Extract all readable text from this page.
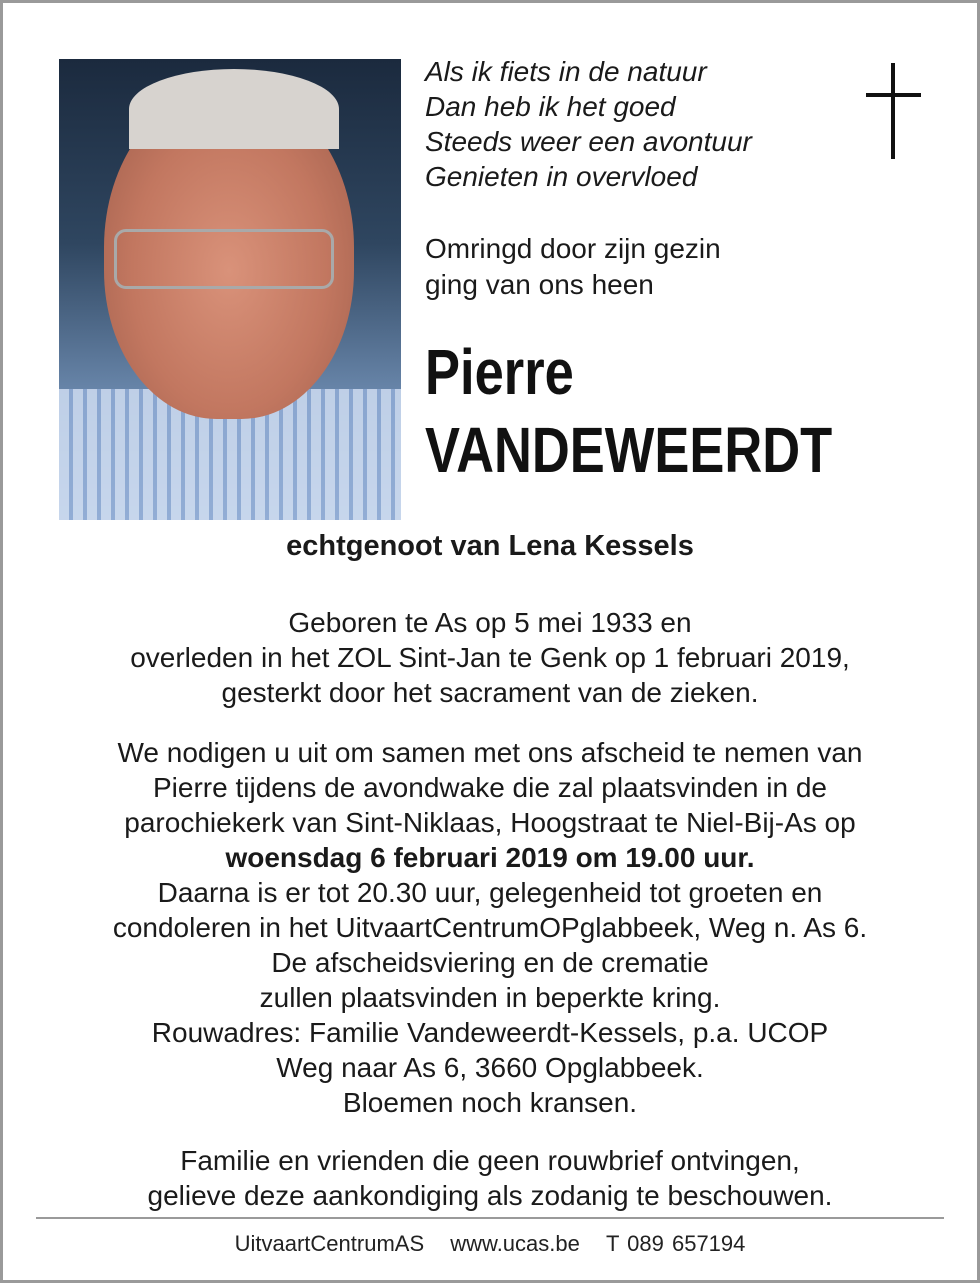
Als ik fiets in de natuur
Dan heb ik het goed
Steeds weer een avontuur
Genieten in overvloed
Omringd door zijn gezin
ging van ons heen
Pierre
VANDEWEERDT
echtgenoot van Lena Kessels
Geboren te As op 5 mei 1933 en
overleden in het ZOL Sint-Jan te Genk op 1 februari 2019,
gesterkt door het sacrament van de zieken.
We nodigen u uit om samen met ons afscheid te nemen van
Pierre tijdens de avondwake die zal plaatsvinden in de
parochiekerk van Sint-Niklaas, Hoogstraat te Niel-Bij-As op
woensdag 6 februari 2019 om 19.00 uur.
Daarna is er tot 20.30 uur, gelegenheid tot groeten en
condoleren in het UitvaartCentrumOPglabbeek, Weg n. As 6.
De afscheidsviering en de crematie
zullen plaatsvinden in beperkte kring.
Rouwadres: Familie Vandeweerdt-Kessels, p.a. UCOP
Weg naar As 6, 3660 Opglabbeek.
Bloemen noch kransen.
Familie en vrienden die geen rouwbrief ontvingen,
gelieve deze aankondiging als zodanig te beschouwen.
UitvaartCentrumAS www.ucas.be T 089 657194
